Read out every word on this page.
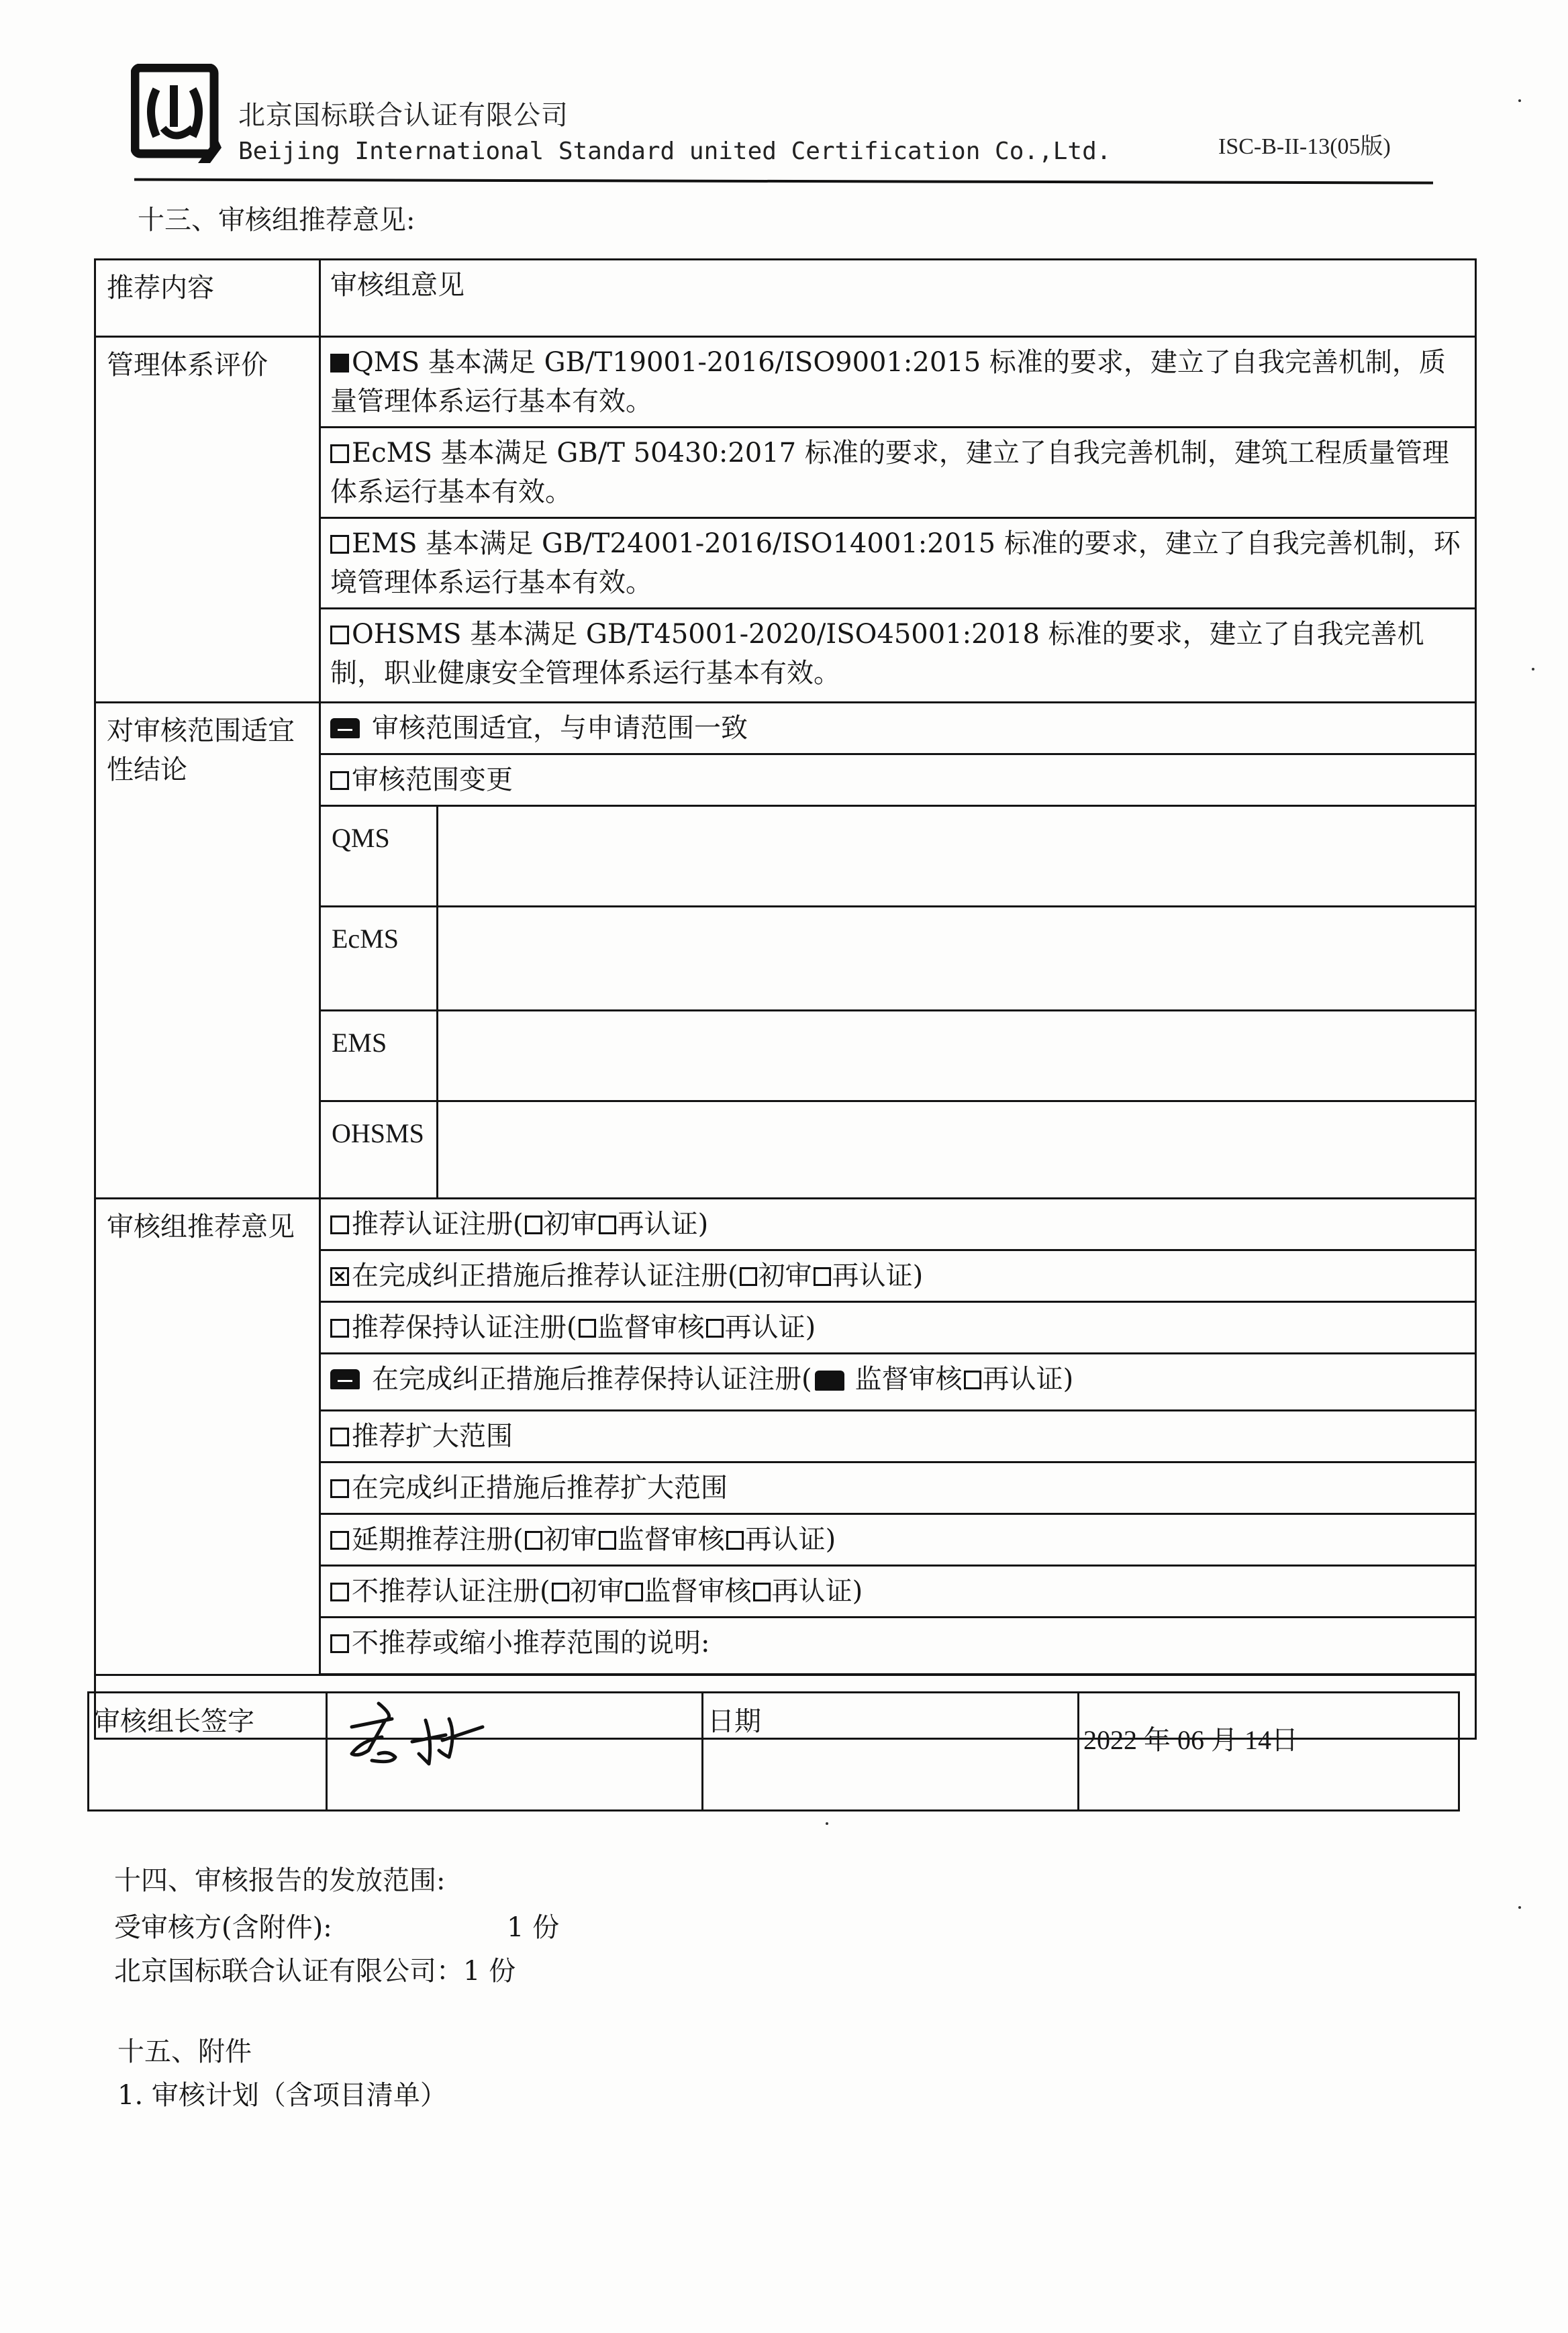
北京国标联合认证有限公司
Beijing International Standard united Certification Co.,Ltd.	ISC-B-II-13(05版)
十三、审核组推荐意见:
推荐内容	审核组意见	
管理体系评价	QMS 基本满足 GB/T19001-2016/ISO9001:2015 标准的要求，建立了自我完善机制，质量管理体系运行基本有效。	
	EcMS 基本满足 GB/T 50430:2017 标准的要求，建立了自我完善机制，建筑工程质量管理体系运行基本有效。	
	EMS 基本满足 GB/T24001-2016/ISO14001:2015 标准的要求，建立了自我完善机制，环境管理体系运行基本有效。	
	OHSMS 基本满足 GB/T45001-2020/ISO45001:2018 标准的要求，建立了自我完善机制，职业健康安全管理体系运行基本有效。	
对审核范围适宜性结论	审核范围适宜，与申请范围一致	
	审核范围变更	
	QMS	
	EcMS	
	EMS	
	OHSMS	
审核组推荐意见	推荐认证注册( 初审 再认证)	
	在完成纠正措施后推荐认证注册( 初审 再认证)	
	推荐保持认证注册( 监督审核 再认证)	
	在完成纠正措施后推荐保持认证注册( 监督审核 再认证)	
	推荐扩大范围	
	在完成纠正措施后推荐扩大范围	
	延期推荐注册( 初审 监督审核 再认证)	
	不推荐认证注册( 初审 监督审核 再认证)	
	不推荐或缩小推荐范围的说明:	

审核组长签字		日期	2022 年 06 月 14日
十四、审核报告的发放范围:
受审核方(含附件):	1 份
北京国标联合认证有限公司：1 份
十五、附件
1. 审核计划（含项目清单）
